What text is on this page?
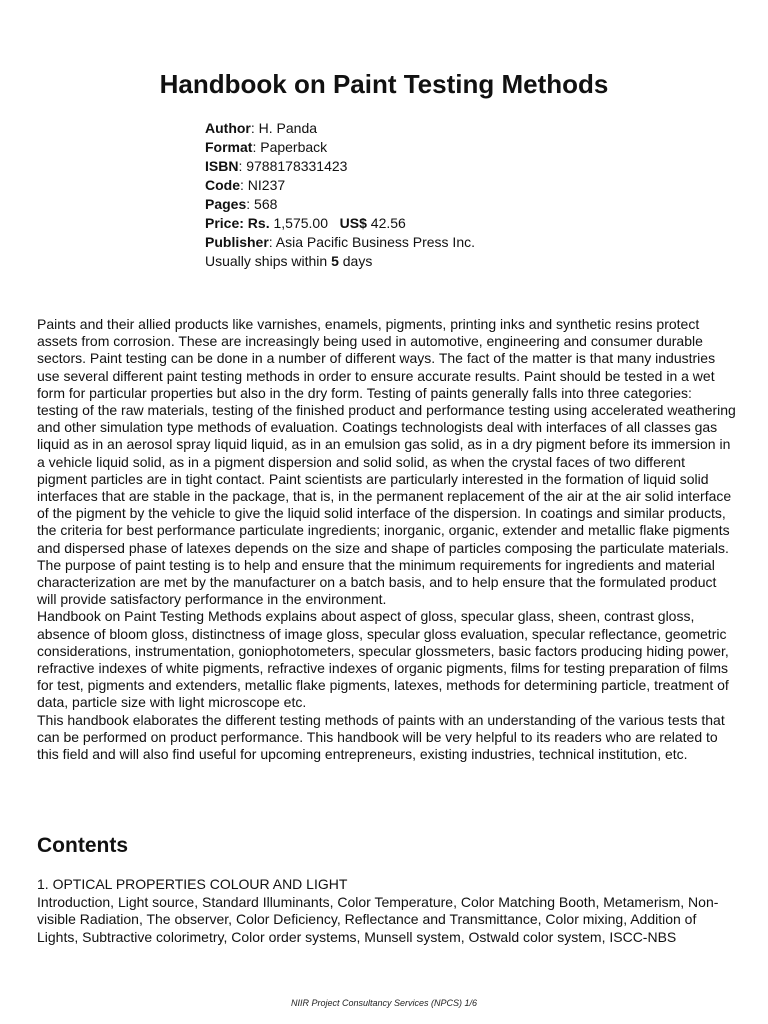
Handbook on Paint Testing Methods
Author: H. Panda
Format: Paperback
ISBN: 9788178331423
Code: NI237
Pages: 568
Price: Rs. 1,575.00 US$ 42.56
Publisher: Asia Pacific Business Press Inc.
Usually ships within 5 days

Paints and their allied products like varnishes, enamels, pigments, printing inks and synthetic resins protect assets from corrosion. These are increasingly being used in automotive, engineering and consumer durable sectors. Paint testing can be done in a number of different ways. The fact of the matter is that many industries use several different paint testing methods in order to ensure accurate results. Paint should be tested in a wet form for particular properties but also in the dry form. Testing of paints generally falls into three categories: testing of the raw materials, testing of the finished product and performance testing using accelerated weathering and other simulation type methods of evaluation. Coatings technologists deal with interfaces of all classes gas liquid as in an aerosol spray liquid liquid, as in an emulsion gas solid, as in a dry pigment before its immersion in a vehicle liquid solid, as in a pigment dispersion and solid solid, as when the crystal faces of two different pigment particles are in tight contact. Paint scientists are particularly interested in the formation of liquid solid interfaces that are stable in the package, that is, in the permanent replacement of the air at the air solid interface of the pigment by the vehicle to give the liquid solid interface of the dispersion. In coatings and similar products, the criteria for best performance particulate ingredients; inorganic, organic, extender and metallic flake pigments and dispersed phase of latexes depends on the size and shape of particles composing the particulate materials. The purpose of paint testing is to help and ensure that the minimum requirements for ingredients and material characterization are met by the manufacturer on a batch basis, and to help ensure that the formulated product will provide satisfactory performance in the environment.

Handbook on Paint Testing Methods explains about aspect of gloss, specular glass, sheen, contrast gloss, absence of bloom gloss, distinctness of image gloss, specular gloss evaluation, specular reflectance, geometric considerations, instrumentation, goniophotometers, specular glossmeters, basic factors producing hiding power, refractive indexes of white pigments, refractive indexes of organic pigments, films for testing preparation of films for test, pigments and extenders, metallic flake pigments, latexes, methods for determining particle, treatment of data, particle size with light microscope etc.

This handbook elaborates the different testing methods of paints with an understanding of the various tests that can be performed on product performance. This handbook will be very helpful to its readers who are related to this field and will also find useful for upcoming entrepreneurs, existing industries, technical institution, etc.

Contents
1. OPTICAL PROPERTIES COLOUR AND LIGHT
Introduction, Light source, Standard Illuminants, Color Temperature, Color Matching Booth, Metamerism, Non-visible Radiation, The observer, Color Deficiency, Reflectance and Transmittance, Color mixing, Addition of Lights, Subtractive colorimetry, Color order systems, Munsell system, Ostwald color system, ISCC-NBS
NIIR Project Consultancy Services (NPCS) 1/6
